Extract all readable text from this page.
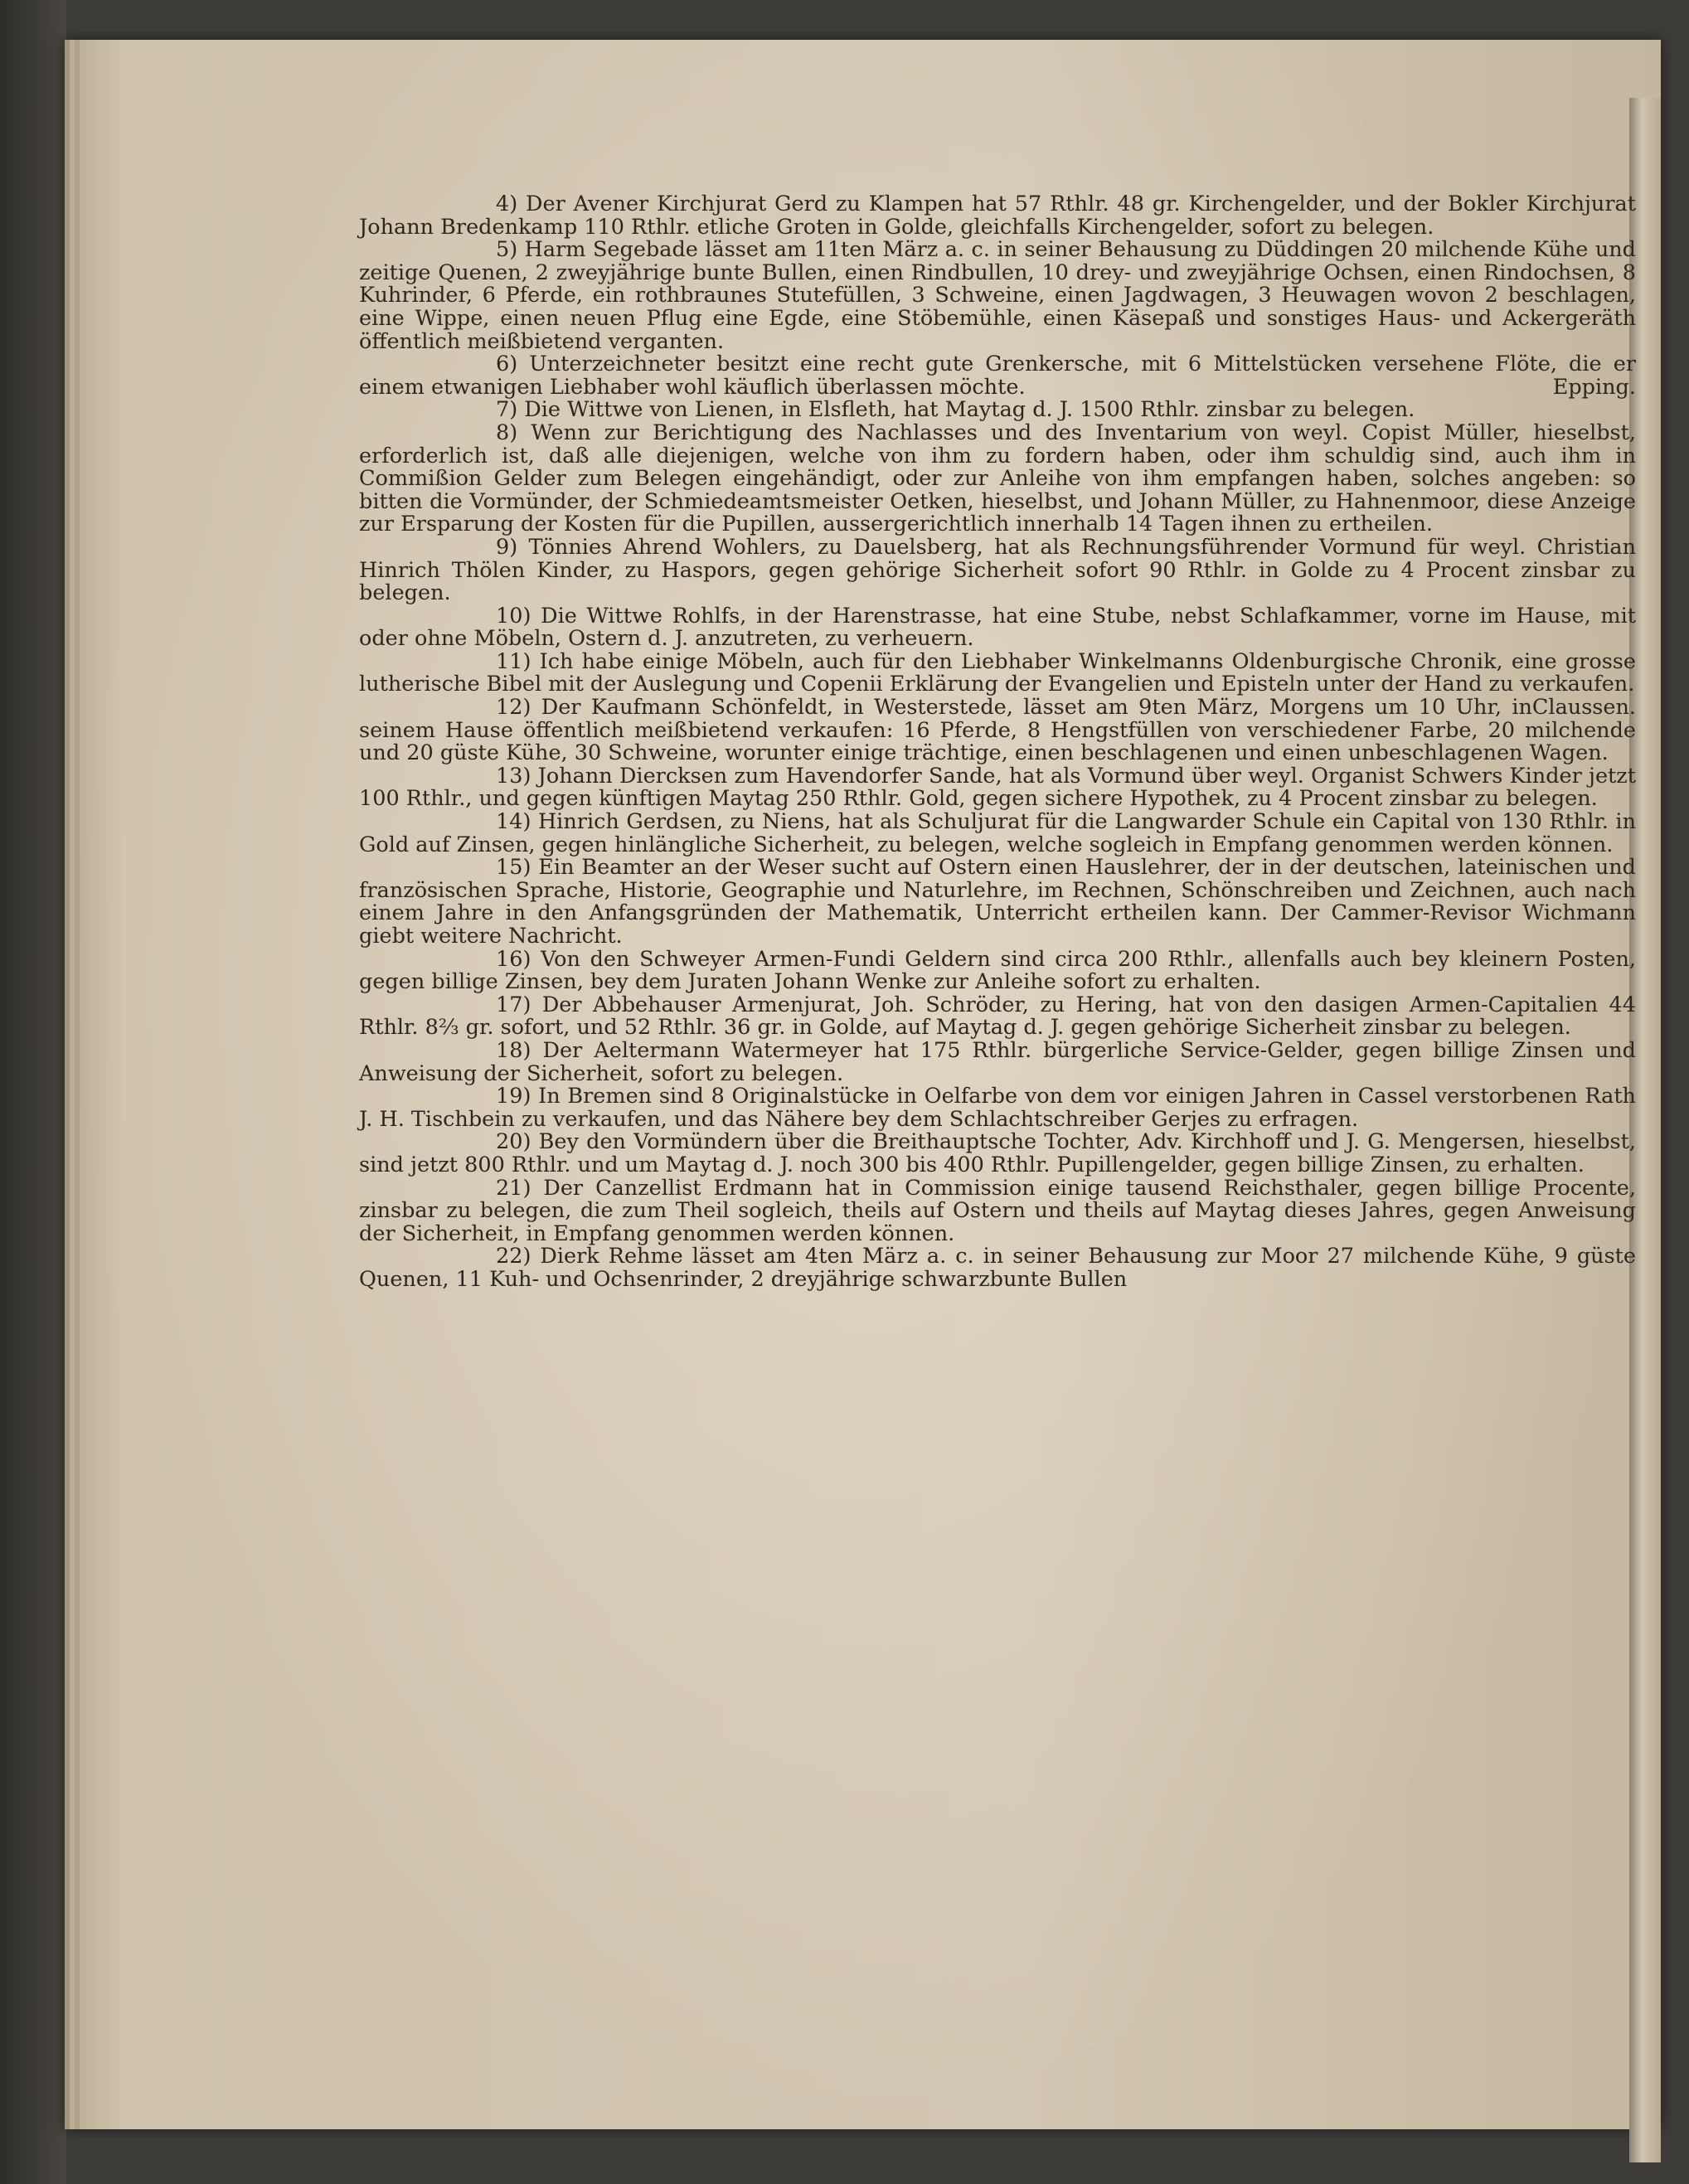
4) Der Avener Kirchjurat Gerd zu Klampen hat 57 Rthlr. 48 gr. Kirchengelder, und der Bokler Kirchjurat Johann Bredenkamp 110 Rthlr. etliche Groten in Golde, gleichfalls Kirchengelder, sofort zu belegen.

5) Harm Segebade lässet am 11ten März a. c. in seiner Behausung zu Düddingen 20 milchende Kühe und zeitige Quenen, 2 zweyjährige bunte Bullen, einen Rindbullen, 10 drey- und zweyjährige Ochsen, einen Rindochsen, 8 Kuhrinder, 6 Pferde, ein rothbraunes Stutefüllen, 3 Schweine, einen Jagdwagen, 3 Heuwagen wovon 2 beschlagen, eine Wippe, einen neuen Pflug eine Egde, eine Stöbemühle, einen Käsepaß und sonstiges Haus- und Ackergeräth öffentlich meißbietend verganten.

6) Unterzeichneter besitzt eine recht gute Grenkersche, mit 6 Mittelstücken versehene Flöte, die er einem etwanigen Liebhaber wohl käuflich überlassen möchte.	Epping.

7) Die Wittwe von Lienen, in Elsfleth, hat Maytag d. J. 1500 Rthlr. zinsbar zu belegen.

8) Wenn zur Berichtigung des Nachlasses und des Inventarium von weyl. Copist Müller, hieselbst, erforderlich ist, daß alle diejenigen, welche von ihm zu fordern haben, oder ihm schuldig sind, auch ihm in Commißion Gelder zum Belegen eingehändigt, oder zur Anleihe von ihm empfangen haben, solches angeben: so bitten die Vormünder, der Schmiedeamtsmeister Oetken, hieselbst, und Johann Müller, zu Hahnenmoor, diese Anzeige zur Ersparung der Kosten für die Pupillen, aussergerichtlich innerhalb 14 Tagen ihnen zu ertheilen.

9) Tönnies Ahrend Wohlers, zu Dauelsberg, hat als Rechnungsführender Vormund für weyl. Christian Hinrich Thölen Kinder, zu Haspors, gegen gehörige Sicherheit sofort 90 Rthlr. in Golde zu 4 Procent zinsbar zu belegen.

10) Die Wittwe Rohlfs, in der Harenstrasse, hat eine Stube, nebst Schlafkammer, vorne im Hause, mit oder ohne Möbeln, Ostern d. J. anzutreten, zu verheuern.

11) Ich habe einige Möbeln, auch für den Liebhaber Winkelmanns Oldenburgische Chronik, eine grosse lutherische Bibel mit der Auslegung und Copenii Erklärung der Evangelien und Episteln unter der Hand zu verkaufen.
Claussen.

12) Der Kaufmann Schönfeldt, in Westerstede, lässet am 9ten März, Morgens um 10 Uhr, in seinem Hause öffentlich meißbietend verkaufen: 16 Pferde, 8 Hengstfüllen von verschiedener Farbe, 20 milchende und 20 güste Kühe, 30 Schweine, worunter einige trächtige, einen beschlagenen und einen unbeschlagenen Wagen.

13) Johann Diercksen zum Havendorfer Sande, hat als Vormund über weyl. Organist Schwers Kinder jetzt 100 Rthlr., und gegen künftigen Maytag 250 Rthlr. Gold, gegen sichere Hypothek, zu 4 Procent zinsbar zu belegen.

14) Hinrich Gerdsen, zu Niens, hat als Schuljurat für die Langwarder Schule ein Capital von 130 Rthlr. in Gold auf Zinsen, gegen hinlängliche Sicherheit, zu belegen, welche sogleich in Empfang genommen werden können.

15) Ein Beamter an der Weser sucht auf Ostern einen Hauslehrer, der in der deutschen, lateinischen und französischen Sprache, Historie, Geographie und Naturlehre, im Rechnen, Schönschreiben und Zeichnen, auch nach einem Jahre in den Anfangsgründen der Mathematik, Unterricht ertheilen kann. Der Cammer-Revisor Wichmann giebt weitere Nachricht.

16) Von den Schweyer Armen-Fundi Geldern sind circa 200 Rthlr., allenfalls auch bey kleinern Posten, gegen billige Zinsen, bey dem Juraten Johann Wenke zur Anleihe sofort zu erhalten.

17) Der Abbehauser Armenjurat, Joh. Schröder, zu Hering, hat von den dasigen Armen-Capitalien 44 Rthlr. 8⅔ gr. sofort, und 52 Rthlr. 36 gr. in Golde, auf Maytag d. J. gegen gehörige Sicherheit zinsbar zu belegen.

18) Der Aeltermann Watermeyer hat 175 Rthlr. bürgerliche Service-Gelder, gegen billige Zinsen und Anweisung der Sicherheit, sofort zu belegen.

19) In Bremen sind 8 Originalstücke in Oelfarbe von dem vor einigen Jahren in Cassel verstorbenen Rath J. H. Tischbein zu verkaufen, und das Nähere bey dem Schlachtschreiber Gerjes zu erfragen.

20) Bey den Vormündern über die Breithauptsche Tochter, Adv. Kirchhoff und J. G. Mengersen, hieselbst, sind jetzt 800 Rthlr. und um Maytag d. J. noch 300 bis 400 Rthlr. Pupillengelder, gegen billige Zinsen, zu erhalten.

21) Der Canzellist Erdmann hat in Commission einige tausend Reichsthaler, gegen billige Procente, zinsbar zu belegen, die zum Theil sogleich, theils auf Ostern und theils auf Maytag dieses Jahres, gegen Anweisung der Sicherheit, in Empfang genommen werden können.

22) Dierk Rehme lässet am 4ten März a. c. in seiner Behausung zur Moor 27 milchende Kühe, 9 güste Quenen, 11 Kuh- und Ochsenrinder, 2 dreyjährige schwarzbunte Bullen
